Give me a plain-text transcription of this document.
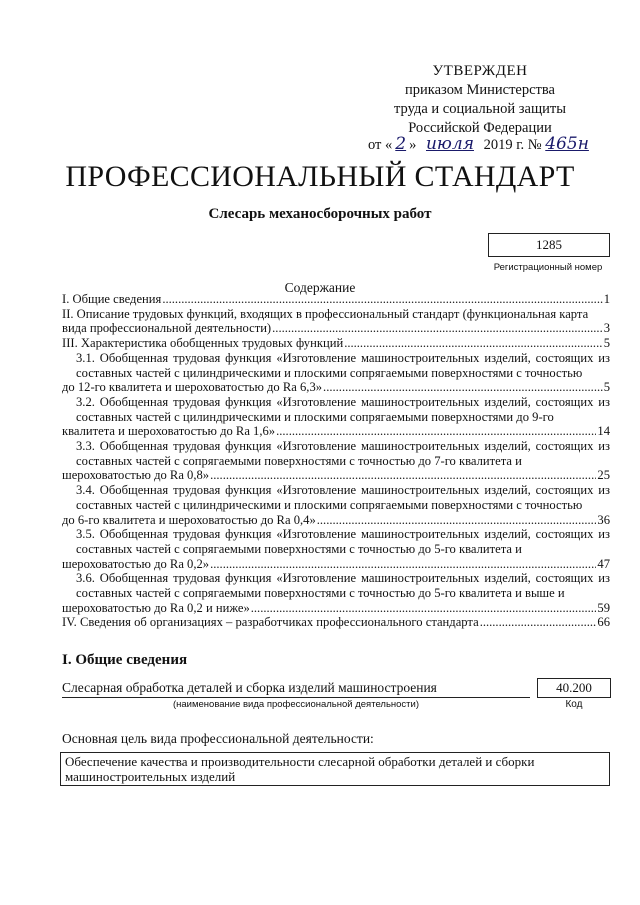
УТВЕРЖДЕН
приказом Министерства
труда и социальной защиты
Российской Федерации
от « 2 » июля 2019 г. № 465н
ПРОФЕССИОНАЛЬНЫЙ СТАНДАРТ
Слесарь механосборочных работ
1285
Регистрационный номер
Содержание
I. Общие сведения .....	1
II. Описание трудовых функций, входящих в профессиональный стандарт (функциональная карта
вида профессиональной деятельности) .....	3
III. Характеристика обобщенных трудовых функций .....	5
3.1. Обобщенная трудовая функция «Изготовление машиностроительных изделий, состоящих из составных частей с цилиндрическими и плоскими сопрягаемыми поверхностями с точностью
до 12-го квалитета и шероховатостью до Ra 6,3» .....	5
3.2. Обобщенная трудовая функция «Изготовление машиностроительных изделий, состоящих из составных частей с цилиндрическими и плоскими сопрягаемыми поверхностями до 9-го
квалитета и шероховатостью до Ra 1,6» .....	14
3.3. Обобщенная трудовая функция «Изготовление машиностроительных изделий, состоящих из составных частей с сопрягаемыми поверхностями с точностью до 7-го квалитета и
шероховатостью до Ra 0,8» .....	25
3.4. Обобщенная трудовая функция «Изготовление машиностроительных изделий, состоящих из составных частей с цилиндрическими и плоскими сопрягаемыми поверхностями с точностью
до 6-го квалитета и шероховатостью до Ra 0,4» .....	36
3.5. Обобщенная трудовая функция «Изготовление машиностроительных изделий, состоящих из составных частей с сопрягаемыми поверхностями с точностью до 5-го квалитета и
шероховатостью до Ra 0,2» .....	47
3.6. Обобщенная трудовая функция «Изготовление машиностроительных изделий, состоящих из составных частей с сопрягаемыми поверхностями с точностью до 5-го квалитета и выше и
шероховатостью до Ra 0,2 и ниже» .....	59
IV. Сведения об организациях – разработчиках профессионального стандарта .....	66
I. Общие сведения
Слесарная обработка деталей и сборка изделий машиностроения
(наименование вида профессиональной деятельности)
40.200
Код
Основная цель вида профессиональной деятельности:
Обеспечение качества и производительности слесарной обработки деталей и сборки машиностроительных изделий
